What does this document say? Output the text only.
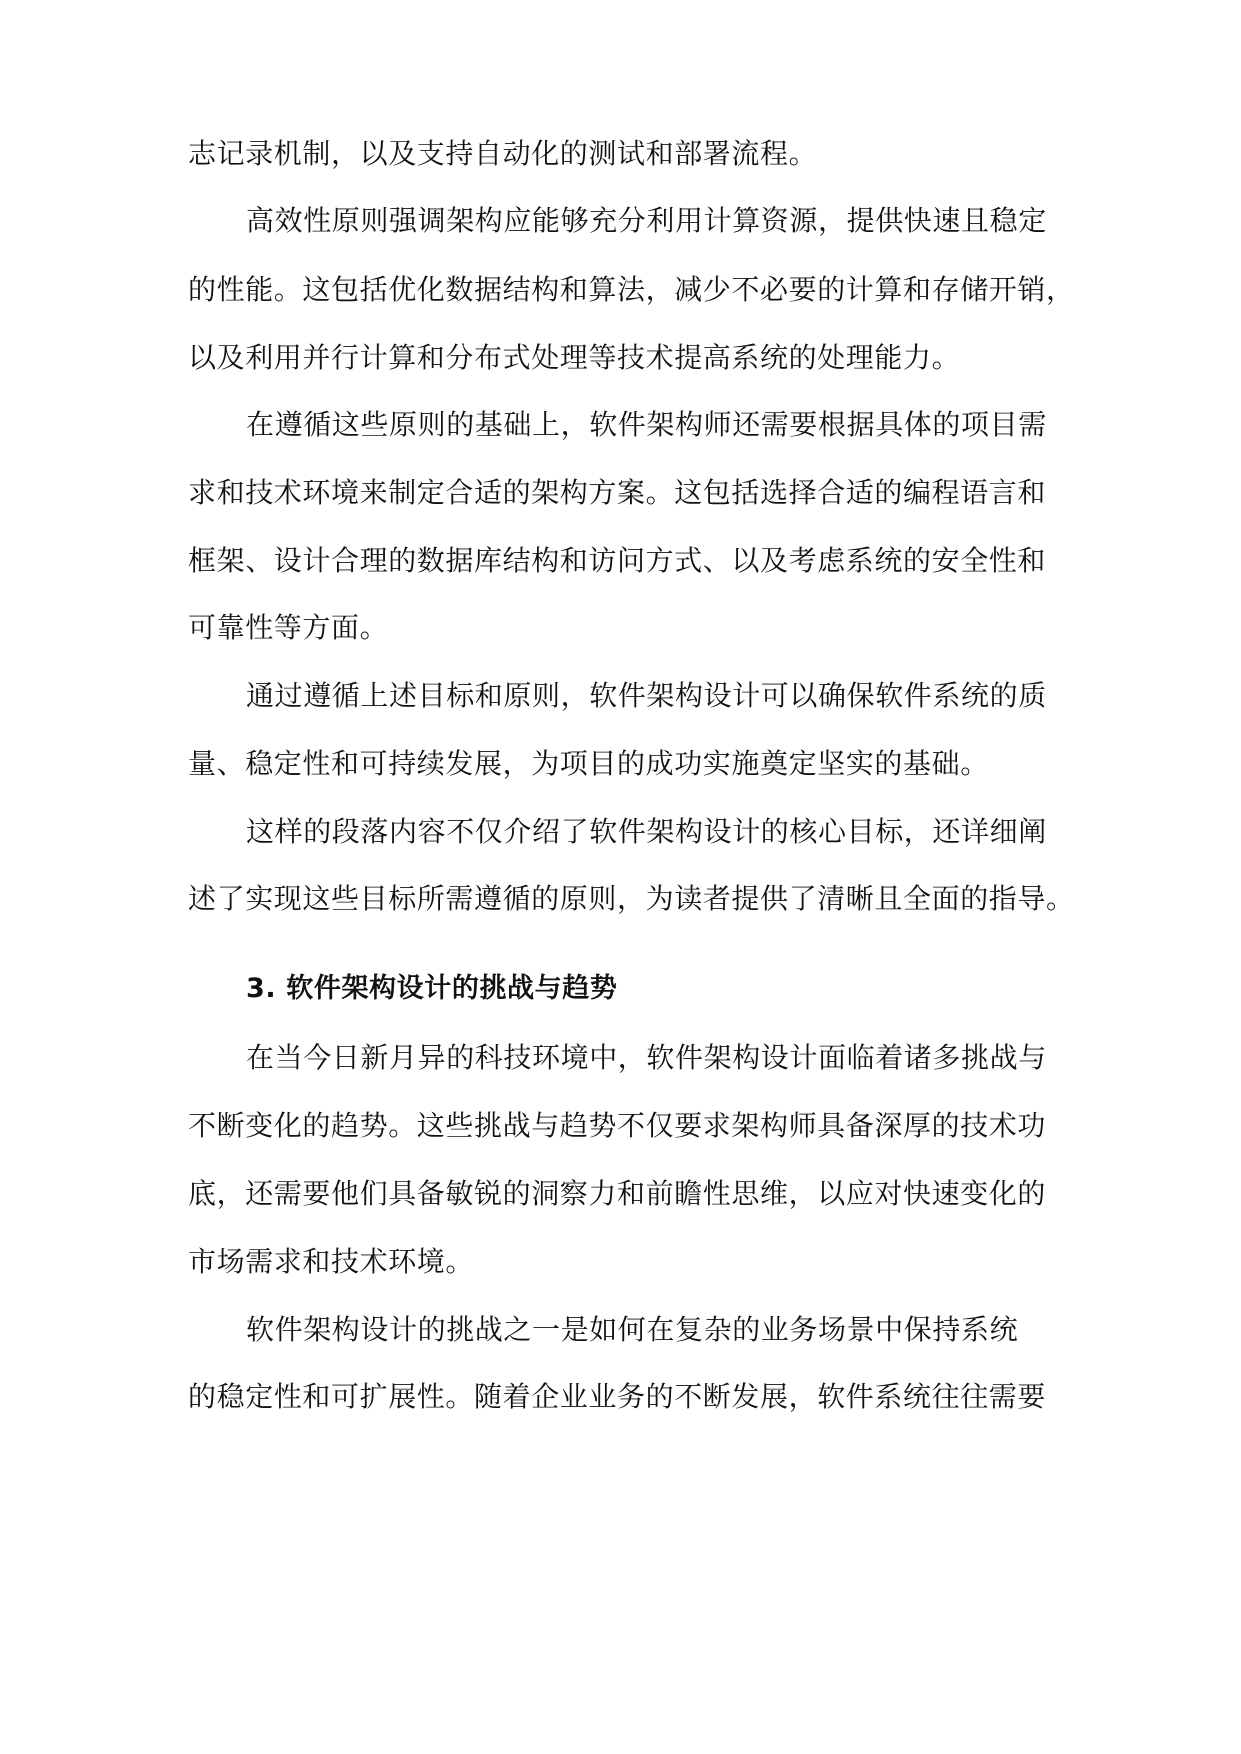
志记录机制，以及支持自动化的测试和部署流程。
高效性原则强调架构应能够充分利用计算资源，提供快速且稳定
的性能。这包括优化数据结构和算法，减少不必要的计算和存储开销，
以及利用并行计算和分布式处理等技术提高系统的处理能力。
在遵循这些原则的基础上，软件架构师还需要根据具体的项目需
求和技术环境来制定合适的架构方案。这包括选择合适的编程语言和
框架、设计合理的数据库结构和访问方式、以及考虑系统的安全性和
可靠性等方面。
通过遵循上述目标和原则，软件架构设计可以确保软件系统的质
量、稳定性和可持续发展，为项目的成功实施奠定坚实的基础。
这样的段落内容不仅介绍了软件架构设计的核心目标，还详细阐
述了实现这些目标所需遵循的原则，为读者提供了清晰且全面的指导。
3. 软件架构设计的挑战与趋势
在当今日新月异的科技环境中，软件架构设计面临着诸多挑战与
不断变化的趋势。这些挑战与趋势不仅要求架构师具备深厚的技术功
底，还需要他们具备敏锐的洞察力和前瞻性思维，以应对快速变化的
市场需求和技术环境。
软件架构设计的挑战之一是如何在复杂的业务场景中保持系统
的稳定性和可扩展性。随着企业业务的不断发展，软件系统往往需要
